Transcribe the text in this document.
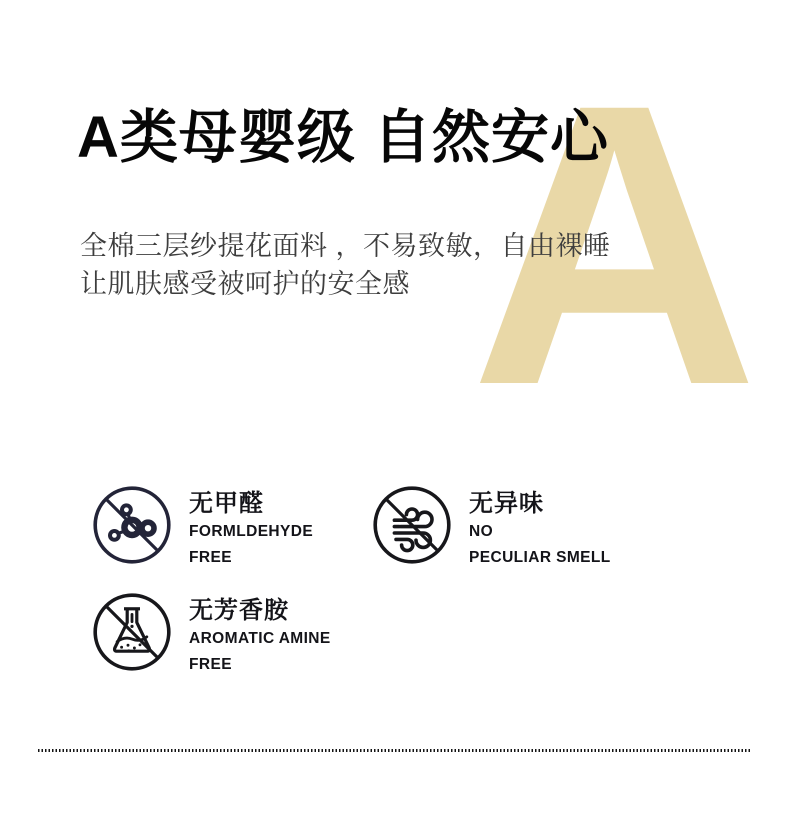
A
A类母婴级 自然安心

全棉三层纱提花面料 ，不易致敏，自由裸睡
让肌肤感受被呵护的安全感

无甲醛
FORMLDEHYDE
FREE
无异味
NO
PECULIAR SMELL
无芳香胺
AROMATIC AMINE
FREE
